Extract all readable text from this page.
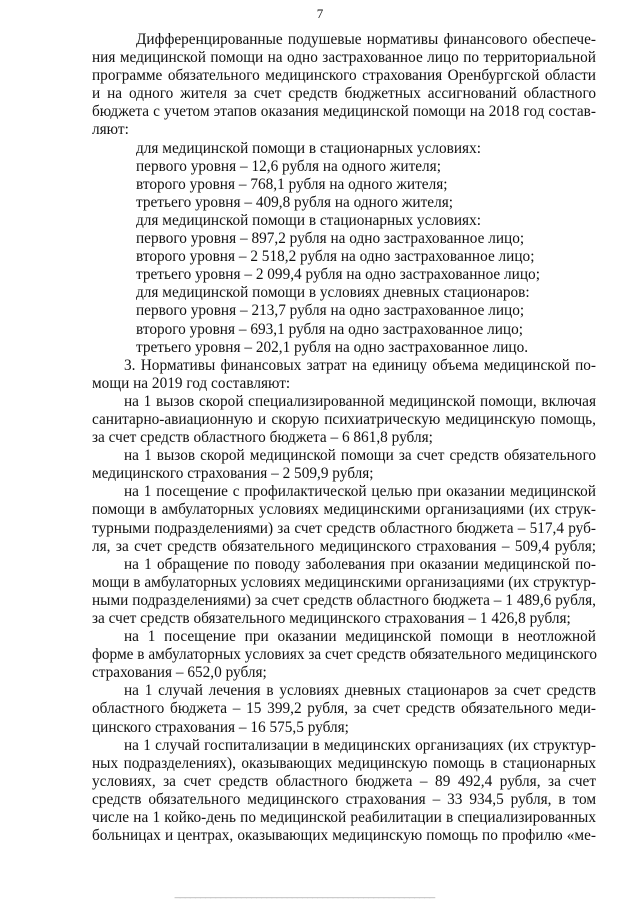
7

Дифференцированные подушевые нормативы финансового обеспече-
ния медицинской помощи на одно застрахованное лицо по территориальной
программе обязательного медицинского страхования Оренбургской области
и на одного жителя за счет средств бюджетных ассигнований областного
бюджета с учетом этапов оказания медицинской помощи на 2018 год состав-
ляют:

для медицинской помощи в стационарных условиях:
первого уровня – 12,6 рубля на одного жителя;
второго уровня – 768,1 рубля на одного жителя;
третьего уровня – 409,8 рубля на одного жителя;
для медицинской помощи в стационарных условиях:
первого уровня – 897,2 рубля на одно застрахованное лицо;
второго уровня – 2 518,2 рубля на одно застрахованное лицо;
третьего уровня – 2 099,4 рубля на одно застрахованное лицо;
для медицинской помощи в условиях дневных стационаров:
первого уровня – 213,7 рубля на одно застрахованное лицо;
второго уровня – 693,1 рубля на одно застрахованное лицо;
третьего уровня – 202,1 рубля на одно застрахованное лицо.

3. Нормативы финансовых затрат на единицу объема медицинской по-
мощи на 2019 год составляют:

на 1 вызов скорой специализированной медицинской помощи, включая
санитарно-авиационную и скорую психиатрическую медицинскую помощь,
за счет средств областного бюджета – 6 861,8 рубля;

на 1 вызов скорой медицинской помощи за счет средств обязательного
медицинского страхования – 2 509,9 рубля;

на 1 посещение с профилактической целью при оказании медицинской
помощи в амбулаторных условиях медицинскими организациями (их струк-
турными подразделениями) за счет средств областного бюджета – 517,4 руб-
ля, за счет средств обязательного медицинского страхования – 509,4 рубля;

на 1 обращение по поводу заболевания при оказании медицинской по-
мощи в амбулаторных условиях медицинскими организациями (их структур-
ными подразделениями) за счет средств областного бюджета – 1 489,6 рубля,
за счет средств обязательного медицинского страхования – 1 426,8 рубля;

на 1 посещение при оказании медицинской помощи в неотложной
форме в амбулаторных условиях за счет средств обязательного медицинского
страхования – 652,0 рубля;

на 1 случай лечения в условиях дневных стационаров за счет средств
областного бюджета – 15 399,2 рубля, за счет средств обязательного меди-
цинского страхования – 16 575,5 рубля;

на 1 случай госпитализации в медицинских организациях (их структур-
ных подразделениях), оказывающих медицинскую помощь в стационарных
условиях, за счет средств областного бюджета – 89 492,4 рубля, за счет
средств обязательного медицинского страхования – 33 934,5 рубля, в том
числе на 1 койко-день по медицинской реабилитации в специализированных
больницах и центрах, оказывающих медицинскую помощь по профилю «ме-

‾‾‾‾‾‾‾‾‾‾‾‾‾‾‾‾‾‾‾‾‾‾‾‾‾‾‾‾‾‾‾‾‾‾‾‾‾‾‾‾‾‾‾‾‾‾‾‾‾‾‾
